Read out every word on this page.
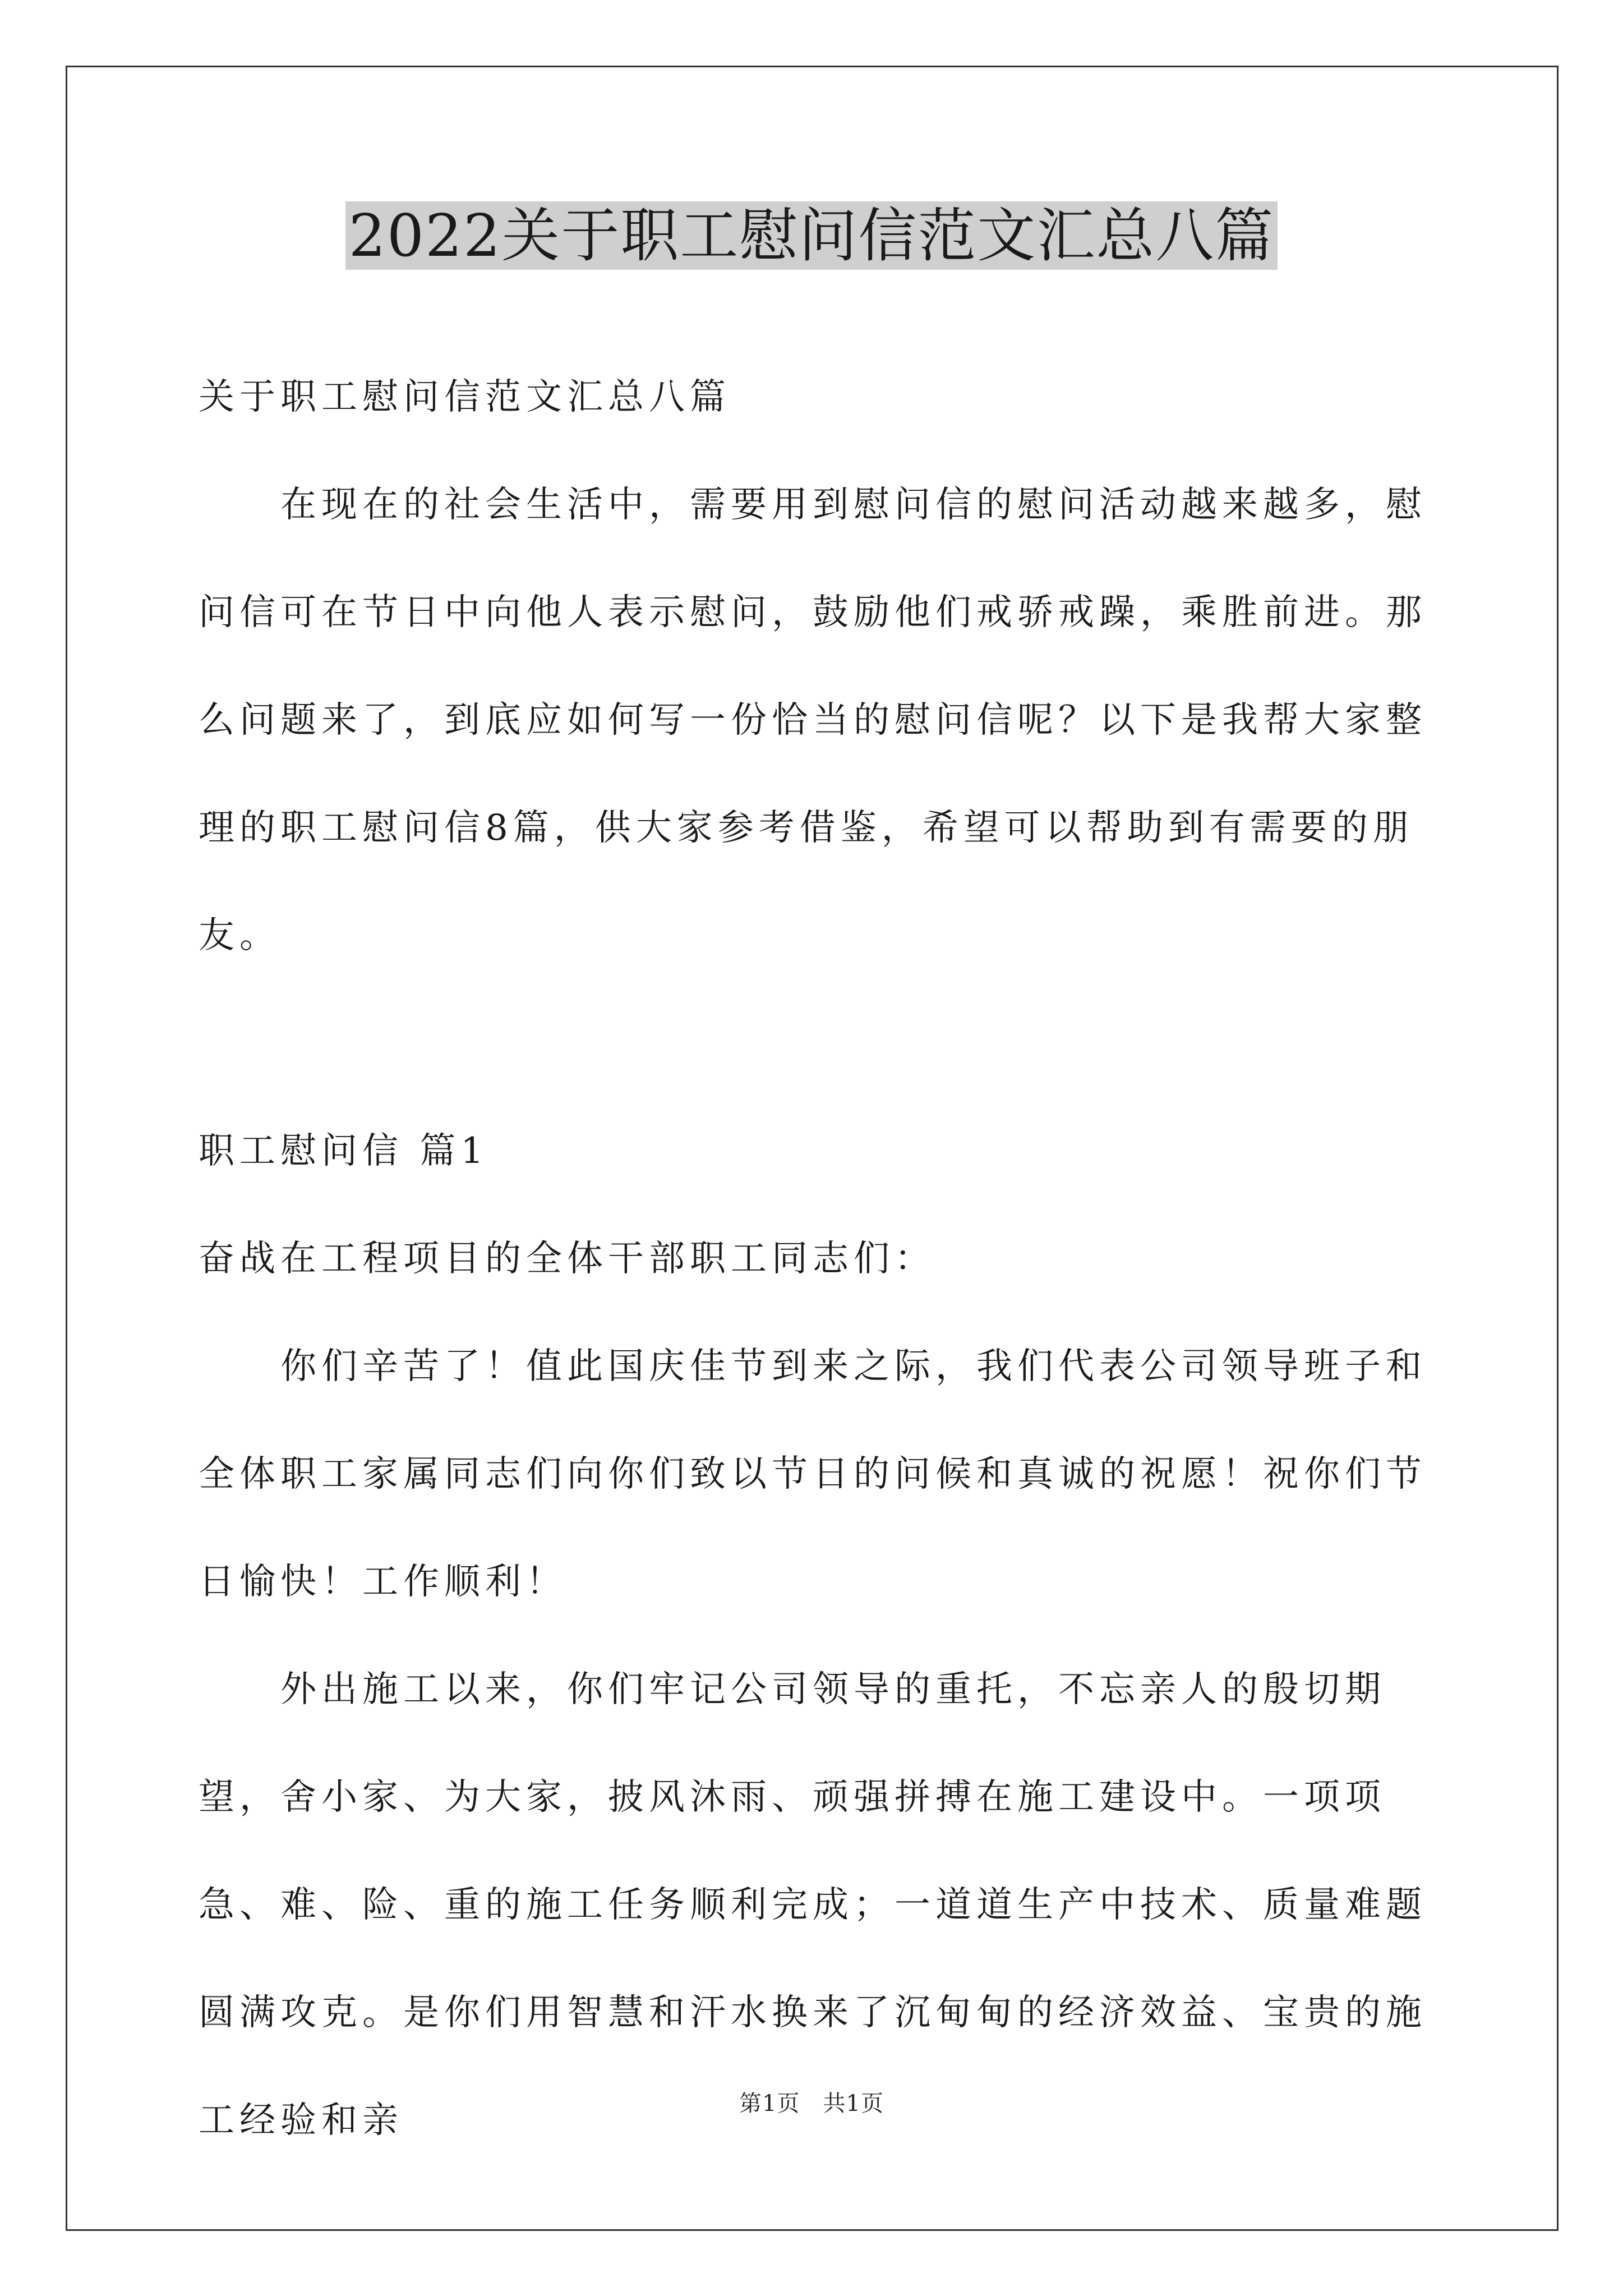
2022关于职工慰问信范文汇总八篇

关于职工慰问信范文汇总八篇

在现在的社会生活中，需要用到慰问信的慰问活动越来越多，慰问信可在节日中向他人表示慰问，鼓励他们戒骄戒躁，乘胜前进。那么问题来了，到底应如何写一份恰当的慰问信呢？以下是我帮大家整理的职工慰问信8篇，供大家参考借鉴，希望可以帮助到有需要的朋友。

职工慰问信 篇1

奋战在工程项目的全体干部职工同志们：

你们辛苦了！值此国庆佳节到来之际，我们代表公司领导班子和全体职工家属同志们向你们致以节日的问候和真诚的祝愿！祝你们节日愉快！工作顺利！

外出施工以来，你们牢记公司领导的重托，不忘亲人的殷切期望，舍小家、为大家，披风沐雨、顽强拼搏在施工建设中。一项项急、难、险、重的施工任务顺利完成；一道道生产中技术、质量难题圆满攻克。是你们用智慧和汗水换来了沉甸甸的经济效益、宝贵的施工经验和亲	第1页　共1页
